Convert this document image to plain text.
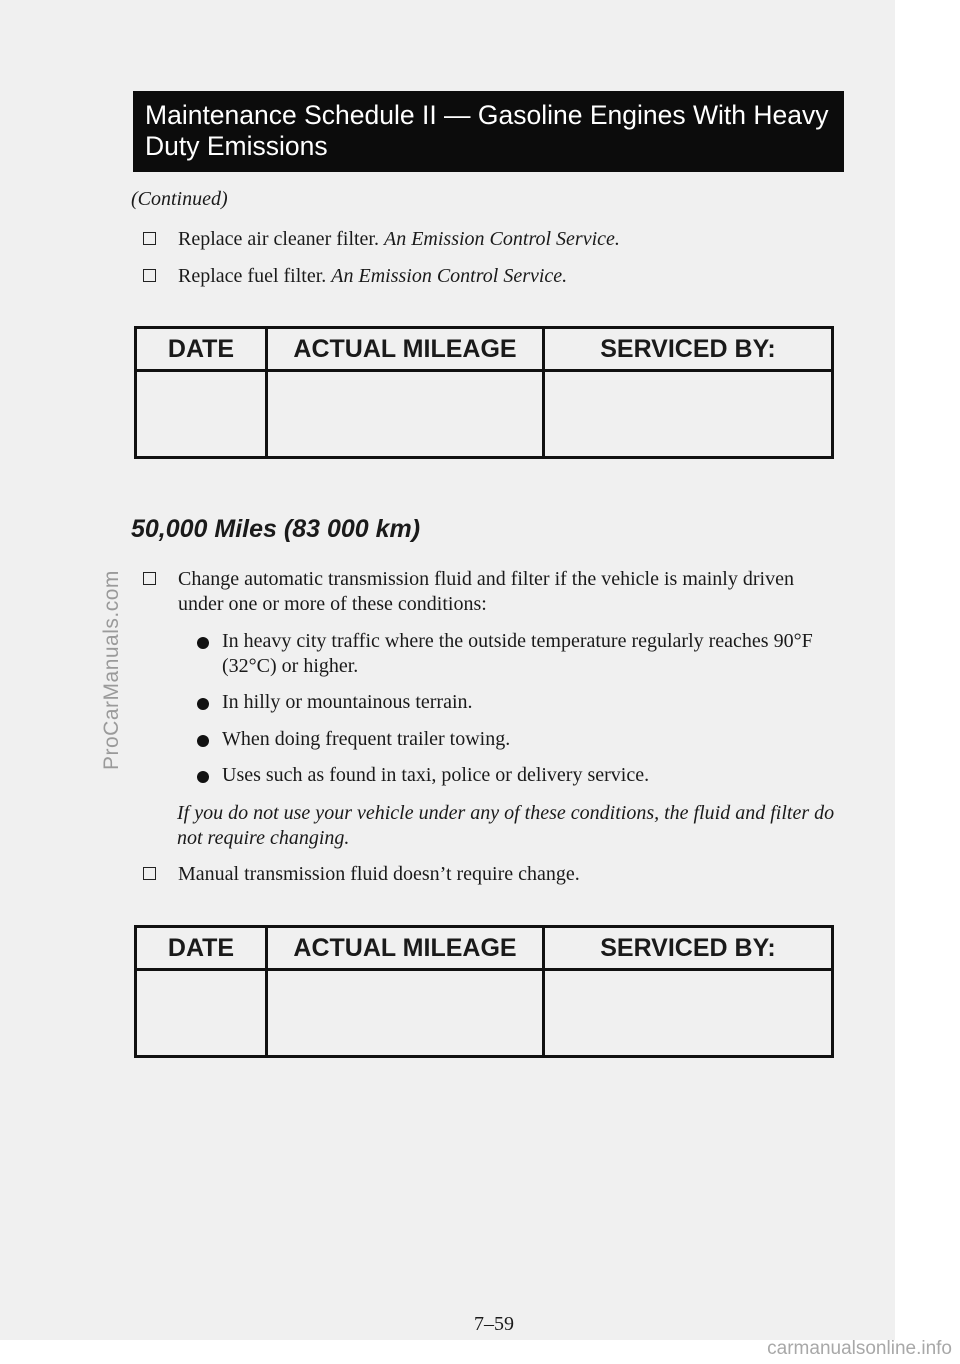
ProCarManuals.com
Maintenance Schedule II — Gasoline Engines With Heavy Duty Emissions
(Continued)
Replace air cleaner filter. An Emission Control Service.
Replace fuel filter. An Emission Control Service.
DATE	ACTUAL MILEAGE	SERVICED BY:

50,000 Miles (83 000 km)
Change automatic transmission fluid and filter if the vehicle is mainly driven under one or more of these conditions:
In heavy city traffic where the outside temperature regularly reaches 90°F (32°C) or higher.
In hilly or mountainous terrain.
When doing frequent trailer towing.
Uses such as found in taxi, police or delivery service.
If you do not use your vehicle under any of these conditions, the fluid and filter do not require changing.
Manual transmission fluid doesn’t require change.
DATE	ACTUAL MILEAGE	SERVICED BY:

7–59
carmanualsonline.info
